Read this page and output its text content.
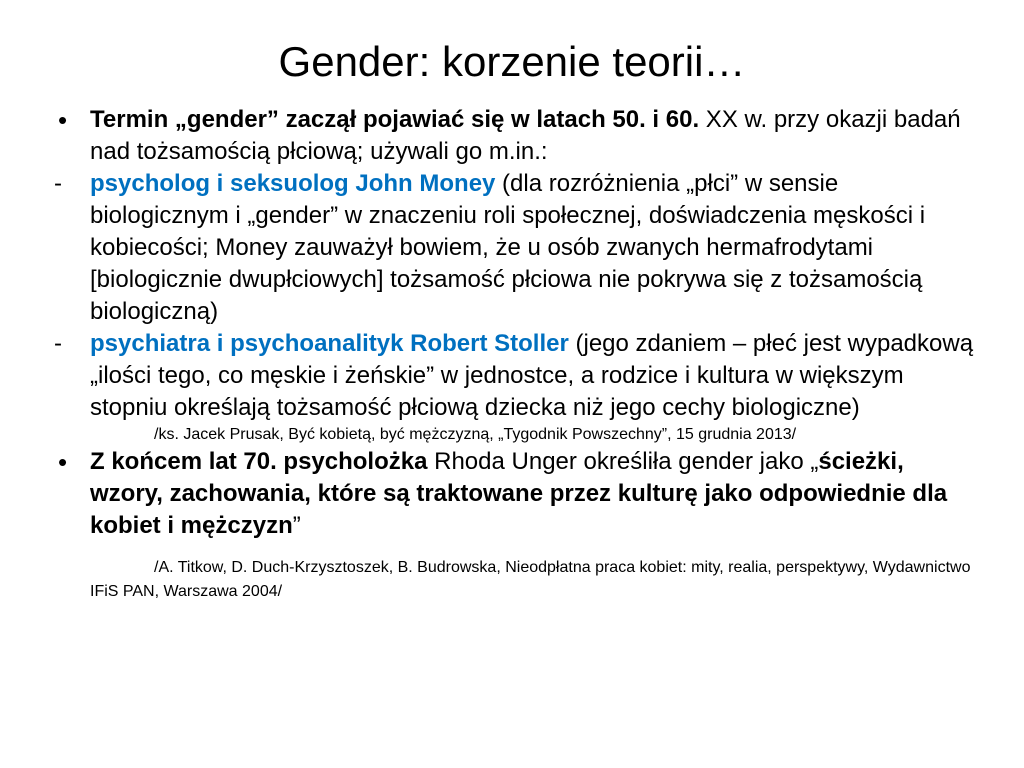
Gender: korzenie teorii…

• Termin „gender” zaczął pojawiać się w latach 50. i 60. XX w. przy okazji badań nad tożsamością płciową; używali go m.in.:

-	psycholog i seksuolog John Money (dla rozróżnienia „płci” w sensie biologicznym i „gender” w znaczeniu roli społecznej, doświadczenia męskości i kobiecości; Money zauważył bowiem, że u osób zwanych hermafrodytami [biologicznie dwupłciowych] tożsamość płciowa nie pokrywa się z tożsamością biologiczną)

-	psychiatra i psychoanalityk Robert Stoller (jego zdaniem – płeć jest wypadkową „ilości tego, co męskie i żeńskie” w jednostce, a rodzice i kultura w większym stopniu określają tożsamość płciową dziecka niż jego cechy biologiczne)

/ks. Jacek Prusak, Być kobietą, być mężczyzną, „Tygodnik Powszechny”, 15 grudnia 2013/

• Z końcem lat 70. psycholożka Rhoda Unger określiła gender jako „ścieżki, wzory, zachowania, które są traktowane przez kulturę jako odpowiednie dla kobiet i mężczyzn”

/A. Titkow, D. Duch-Krzysztoszek, B. Budrowska, Nieodpłatna praca kobiet: mity, realia, perspektywy, Wydawnictwo IFiS PAN, Warszawa 2004/
